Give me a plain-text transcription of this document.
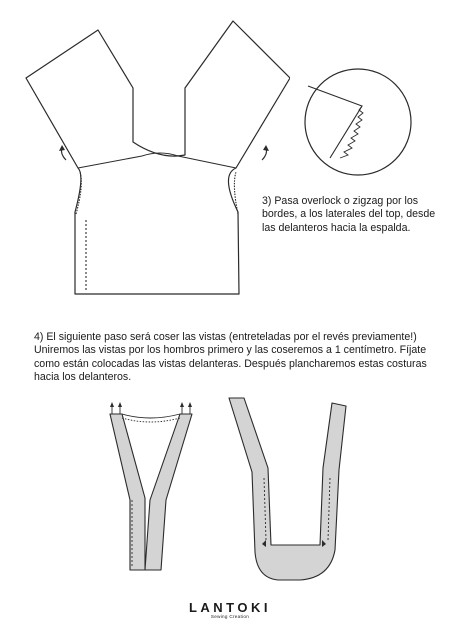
3) Pasa overlock o zigzag por los bordes, a los laterales del top, desde las delanteros hacia la espalda.

4) El siguiente paso será coser las vistas (entreteladas por el revés previamente!) Uniremos las vistas por los hombros primero y las coseremos a 1 centímetro. Fíjate como están colocadas las vistas delanteras. Después plancharemos estas costuras hacia los delanteros.

LANTOKI
Sewing Creation
